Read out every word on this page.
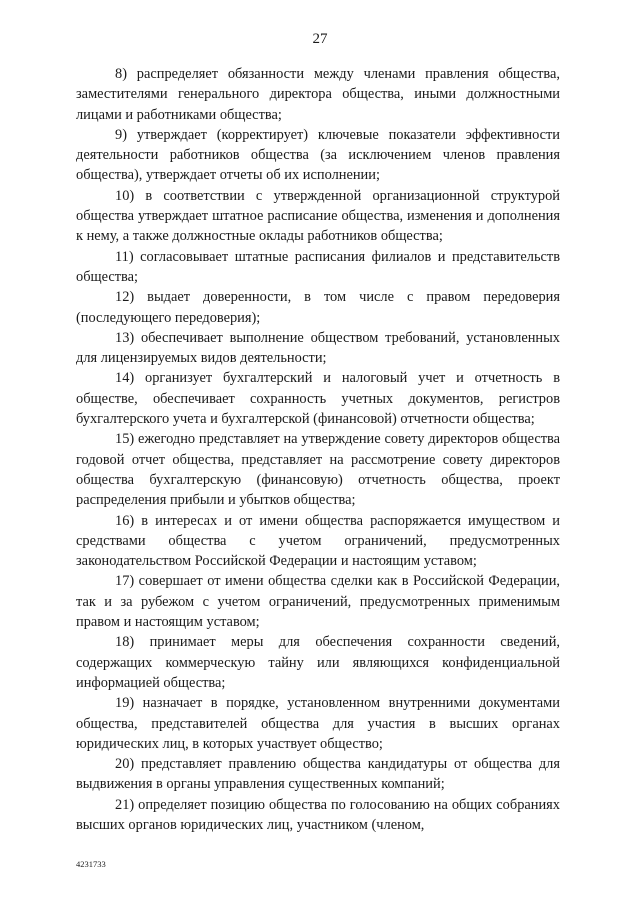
27

8) распределяет обязанности между членами правления общества, заместителями генерального директора общества, иными должностными лицами и работниками общества;

9) утверждает (корректирует) ключевые показатели эффективности деятельности работников общества (за исключением членов правления общества), утверждает отчеты об их исполнении;

10) в соответствии с утвержденной организационной структурой общества утверждает штатное расписание общества, изменения и дополнения к нему, а также должностные оклады работников общества;

11) согласовывает штатные расписания филиалов и представительств общества;

12) выдает доверенности, в том числе с правом передоверия (последующего передоверия);

13) обеспечивает выполнение обществом требований, установленных для лицензируемых видов деятельности;

14) организует бухгалтерский и налоговый учет и отчетность в обществе, обеспечивает сохранность учетных документов, регистров бухгалтерского учета и бухгалтерской (финансовой) отчетности общества;

15) ежегодно представляет на утверждение совету директоров общества годовой отчет общества, представляет на рассмотрение совету директоров общества бухгалтерскую (финансовую) отчетность общества, проект распределения прибыли и убытков общества;

16) в интересах и от имени общества распоряжается имуществом и средствами общества с учетом ограничений, предусмотренных законодательством Российской Федерации и настоящим уставом;

17) совершает от имени общества сделки как в Российской Федерации, так и за рубежом с учетом ограничений, предусмотренных применимым правом и настоящим уставом;

18) принимает меры для обеспечения сохранности сведений, содержащих коммерческую тайну или являющихся конфиденциальной информацией общества;

19) назначает в порядке, установленном внутренними документами общества, представителей общества для участия в высших органах юридических лиц, в которых участвует общество;

20) представляет правлению общества кандидатуры от общества для выдвижения в органы управления существенных компаний;

21) определяет позицию общества по голосованию на общих собраниях высших органов юридических лиц, участником (членом,

4231733
